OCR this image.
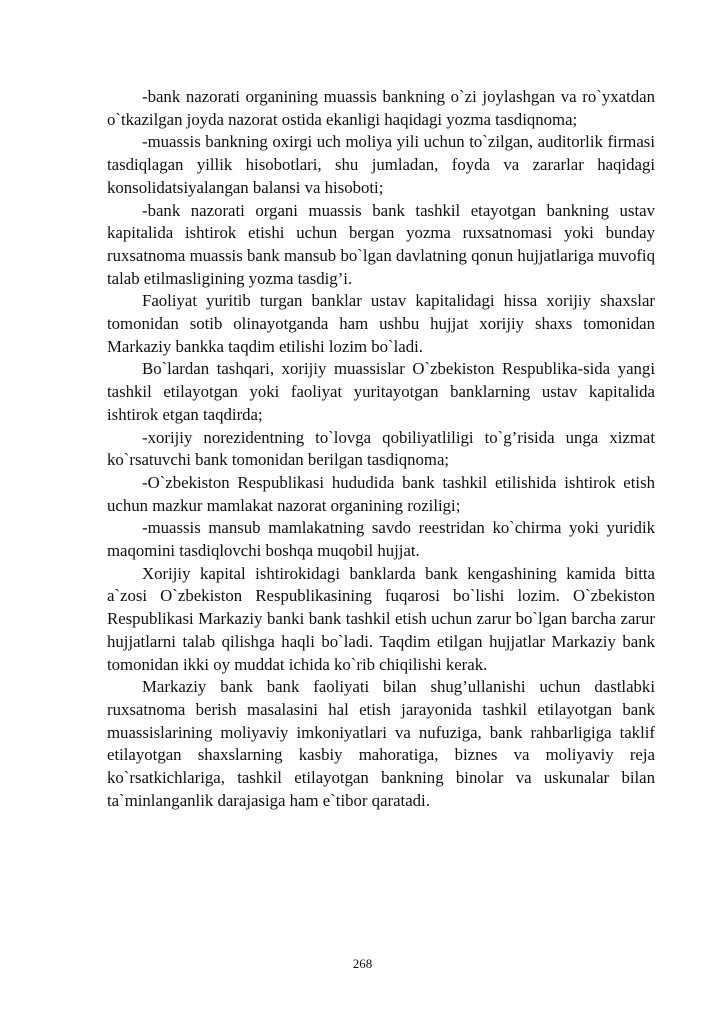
-bank nazorati organining muassis bankning o`zi joylashgan va ro`yxatdan o`tkazilgan joyda nazorat ostida ekanligi haqidagi yozma tasdiqnoma;

-muassis bankning oxirgi uch moliya yili uchun to`zilgan, auditorlik firmasi tasdiqlagan yillik hisobotlari, shu jumladan, foyda va zararlar haqidagi konsolidatsiyalangan balansi va hisoboti;

-bank nazorati organi muassis bank tashkil etayotgan bankning ustav kapitalida ishtirok etishi uchun bergan yozma ruxsatnomasi yoki bunday ruxsatnoma muassis bank mansub bo`lgan davlatning qonun hujjatlariga muvofiq talab etilmasligining yozma tasdig’i.

Faoliyat yuritib turgan banklar ustav kapitalidagi hissa xorijiy shaxslar tomonidan sotib olinayotganda ham ushbu hujjat xorijiy shaxs tomonidan Markaziy bankka taqdim etilishi lozim bo`ladi.

Bo`lardan tashqari, xorijiy muassislar O`zbekiston Respublika-sida yangi tashkil etilayotgan yoki faoliyat yuritayotgan banklarning ustav kapitalida ishtirok etgan taqdirda;

-xorijiy norezidentning to`lovga qobiliyatliligi to`g’risida unga xizmat ko`rsatuvchi bank tomonidan berilgan tasdiqnoma;

-O`zbekiston Respublikasi hududida bank tashkil etilishida ishtirok etish uchun mazkur mamlakat nazorat organining roziligi;

-muassis mansub mamlakatning savdo reestridan ko`chirma yoki yuridik maqomini tasdiqlovchi boshqa muqobil hujjat.

Xorijiy kapital ishtirokidagi banklarda bank kengashining kamida bitta a`zosi O`zbekiston Respublikasining fuqarosi bo`lishi lozim. O`zbekiston Respublikasi Markaziy banki bank tashkil etish uchun zarur bo`lgan barcha zarur hujjatlarni talab qilishga haqli bo`ladi. Taqdim etilgan hujjatlar Markaziy bank tomonidan ikki oy muddat ichida ko`rib chiqilishi kerak.

Markaziy bank bank faoliyati bilan shug’ullanishi uchun dastlabki ruxsatnoma berish masalasini hal etish jarayonida tashkil etilayotgan bank muassislarining moliyaviy imkoniyatlari va nufuziga, bank rahbarligiga taklif etilayotgan shaxslarning kasbiy mahoratiga, biznes va moliyaviy reja ko`rsatkichlariga, tashkil etilayotgan bankning binolar va uskunalar bilan ta`minlanganlik darajasiga ham e`tibor qaratadi.

268
